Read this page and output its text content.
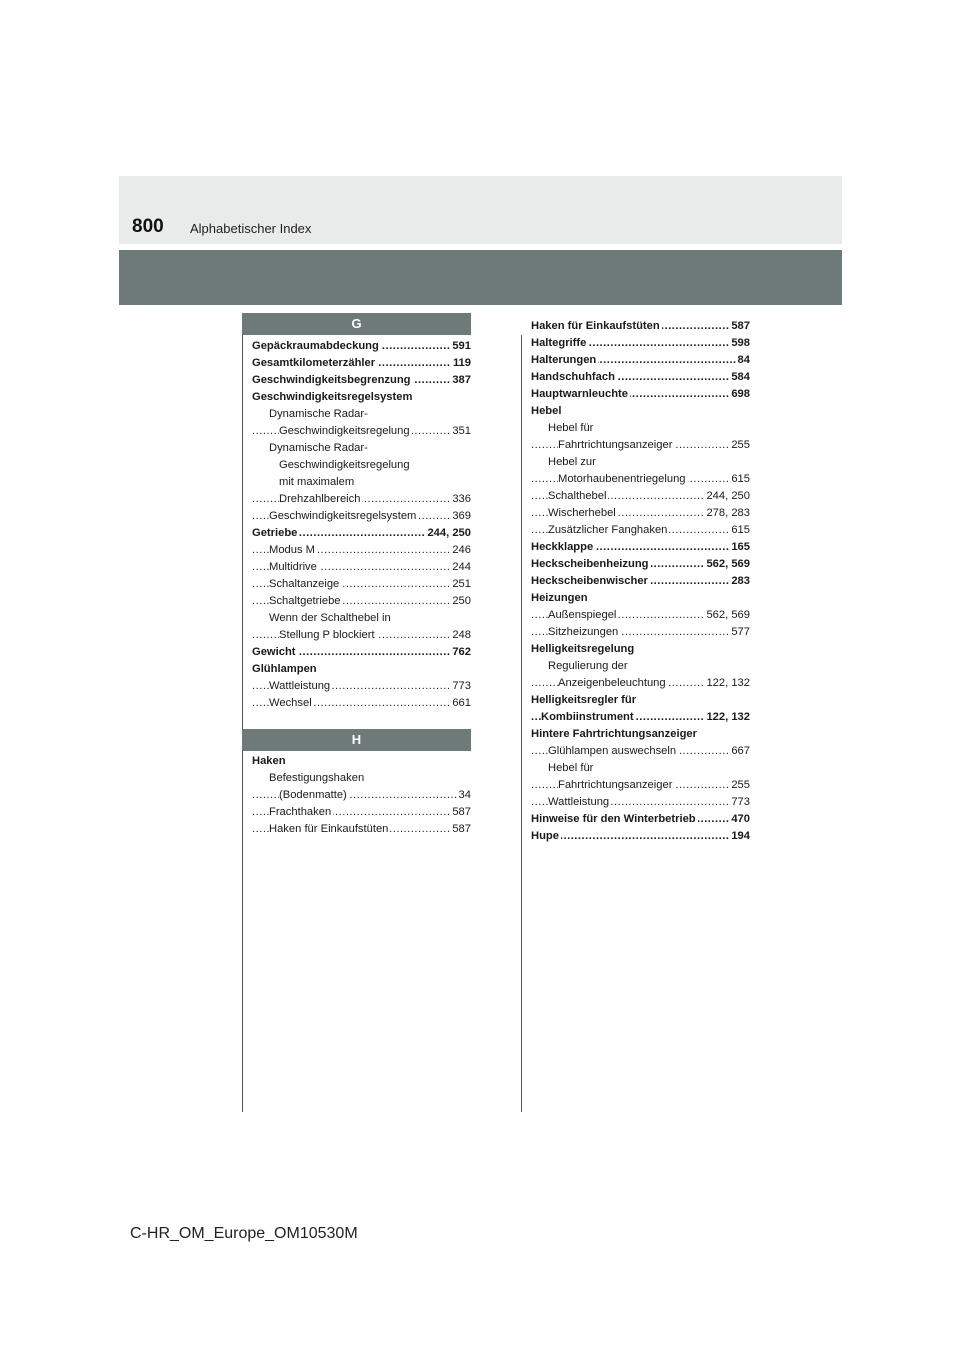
800 Alphabetischer Index
G
Gepäckraumabdeckung	591
.....
Gesamtkilometerzähler	119
.....
Geschwindigkeitsbegrenzung	387
.....
Geschwindigkeitsregelsystem
Dynamische Radar-
Geschwindigkeitsregelung	351
.....
Dynamische Radar-
Geschwindigkeitsregelung
mit maximalem
Drehzahlbereich	336
.....
Geschwindigkeitsregelsystem	369
.....
Getriebe	244, 250
.....
Modus M	246
.....
Multidrive	244
.....
Schaltanzeige	251
.....
Schaltgetriebe	250
.....
Wenn der Schalthebel in
Stellung P blockiert	248
.....
Gewicht	762
.....
Glühlampen
Wattleistung	773
.....
Wechsel	661
.....
H
Haken
Befestigungshaken
(Bodenmatte)	34
.....
Frachthaken	587
.....
Haken für Einkaufstüten	587
.....
Haken für Einkaufstüten	587
.....
Haltegriffe	598
.....
Halterungen	84
.....
Handschuhfach	584
.....
Hauptwarnleuchte	698
.....
Hebel
Hebel für
Fahrtrichtungsanzeiger	255
.....
Hebel zur
Motorhaubenentriegelung	615
.....
Schalthebel	244, 250
.....
Wischerhebel	278, 283
.....
Zusätzlicher Fanghaken	615
.....
Heckklappe	165
.....
Heckscheibenheizung	562, 569
.....
Heckscheibenwischer	283
.....
Heizungen
Außenspiegel	562, 569
.....
Sitzheizungen	577
.....
Helligkeitsregelung
Regulierung der
Anzeigenbeleuchtung	122, 132
.....
Helligkeitsregler für
Kombiinstrument	122, 132
.....
Hintere Fahrtrichtungsanzeiger
Glühlampen auswechseln	667
.....
Hebel für
Fahrtrichtungsanzeiger	255
.....
Wattleistung	773
.....
Hinweise für den Winterbetrieb	470
.....
Hupe	194
.....
C-HR_OM_Europe_OM10530M
